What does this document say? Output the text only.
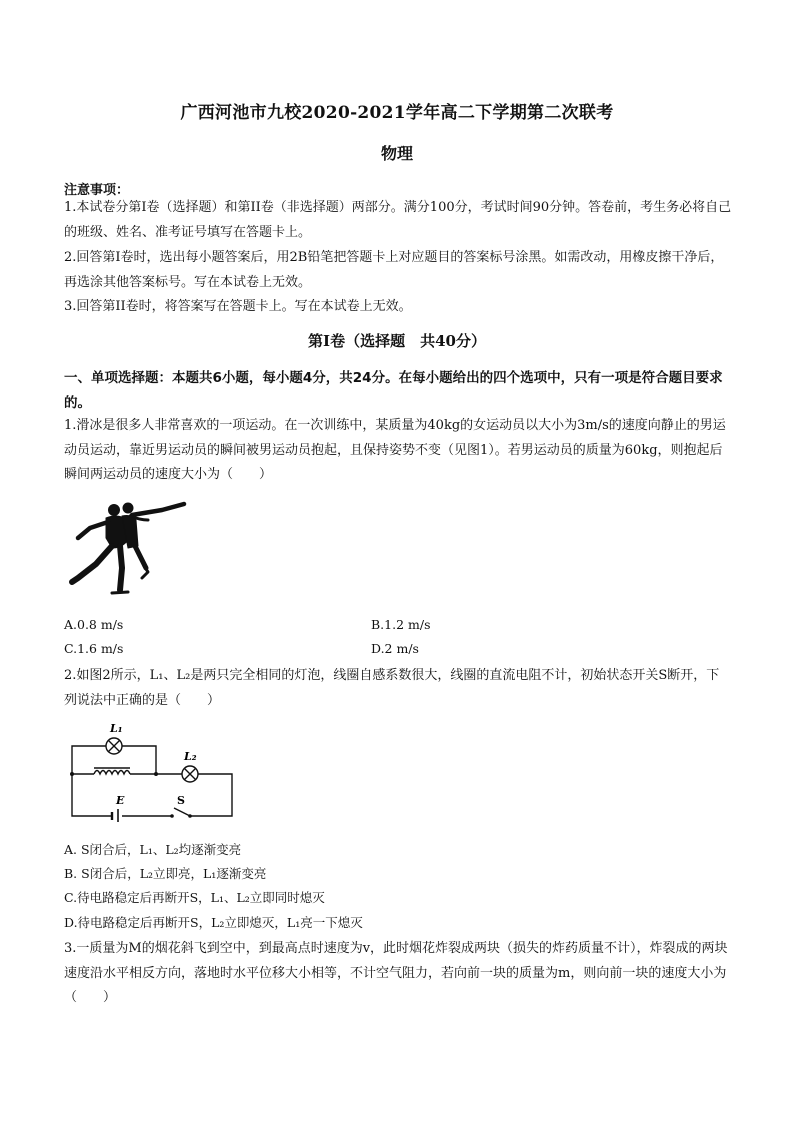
广西河池市九校2020-2021学年高二下学期第二次联考
物理
注意事项：
1.本试卷分第I卷（选择题）和第II卷（非选择题）两部分。满分100分，考试时间90分钟。答卷前，考生务必将自己的班级、姓名、准考证号填写在答题卡上。
2.回答第I卷时，选出每小题答案后，用2B铅笔把答题卡上对应题目的答案标号涂黑。如需改动，用橡皮擦干净后，再选涂其他答案标号。写在本试卷上无效。
3.回答第II卷时，将答案写在答题卡上。写在本试卷上无效。
第I卷（选择题　共40分）
一、单项选择题：本题共6小题，每小题4分，共24分。在每小题给出的四个选项中，只有一项是符合题目要求的。
1.滑冰是很多人非常喜欢的一项运动。在一次训练中，某质量为40kg的女运动员以大小为3m/s的速度向静止的男运动员运动，靠近男运动员的瞬间被男运动员抱起，且保持姿势不变（见图1）。若男运动员的质量为60kg，则抱起后瞬间两运动员的速度大小为（　　）
A.0.8 m/s	B.1.2 m/s
C.1.6 m/s	D.2 m/s
2.如图2所示，L₁、L₂是两只完全相同的灯泡，线圈自感系数很大，线圈的直流电阻不计，初始状态开关S断开，下列说法中正确的是（　　）
L₁
L₂
E	S
A. S闭合后，L₁、L₂均逐渐变亮
B. S闭合后，L₂立即亮，L₁逐渐变亮
C.待电路稳定后再断开S，L₁、L₂立即同时熄灭
D.待电路稳定后再断开S，L₂立即熄灭，L₁亮一下熄灭
3.一质量为M的烟花斜飞到空中，到最高点时速度为v，此时烟花炸裂成两块（损失的炸药质量不计），炸裂成的两块速度沿水平相反方向，落地时水平位移大小相等，不计空气阻力，若向前一块的质量为m，则向前一块的速度大小为（　　）
